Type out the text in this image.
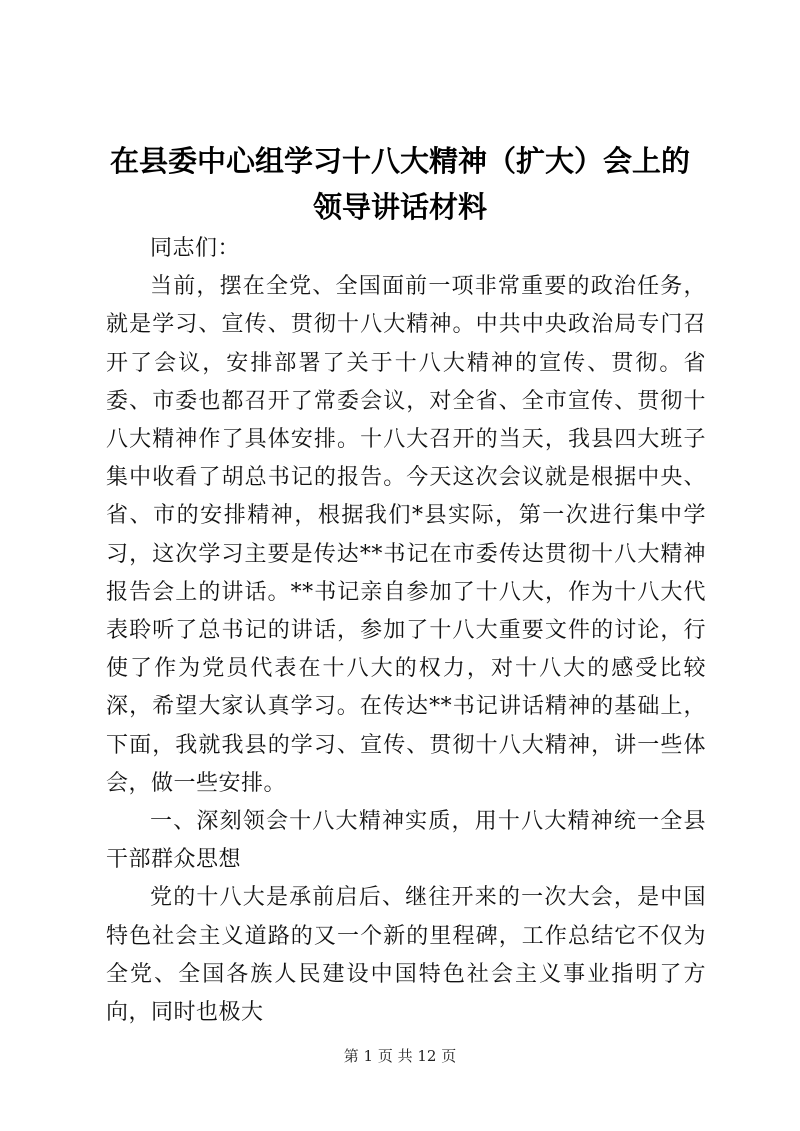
在县委中心组学习十八大精神（扩大）会上的
领导讲话材料

同志们：

当前，摆在全党、全国面前一项非常重要的政治任务，就是学习、宣传、贯彻十八大精神。中共中央政治局专门召开了会议，安排部署了关于十八大精神的宣传、贯彻。省委、市委也都召开了常委会议，对全省、全市宣传、贯彻十八大精神作了具体安排。十八大召开的当天，我县四大班子集中收看了胡总书记的报告。今天这次会议就是根据中央、省、市的安排精神，根据我们*县实际，第一次进行集中学习，这次学习主要是传达**书记在市委传达贯彻十八大精神报告会上的讲话。**书记亲自参加了十八大，作为十八大代表聆听了总书记的讲话，参加了十八大重要文件的讨论，行使了作为党员代表在十八大的权力，对十八大的感受比较深，希望大家认真学习。在传达**书记讲话精神的基础上，下面，我就我县的学习、宣传、贯彻十八大精神，讲一些体会，做一些安排。

一、深刻领会十八大精神实质，用十八大精神统一全县干部群众思想

党的十八大是承前启后、继往开来的一次大会，是中国特色社会主义道路的又一个新的里程碑，工作总结它不仅为全党、全国各族人民建设中国特色社会主义事业指明了方向，同时也极大

第 1 页 共 12 页
